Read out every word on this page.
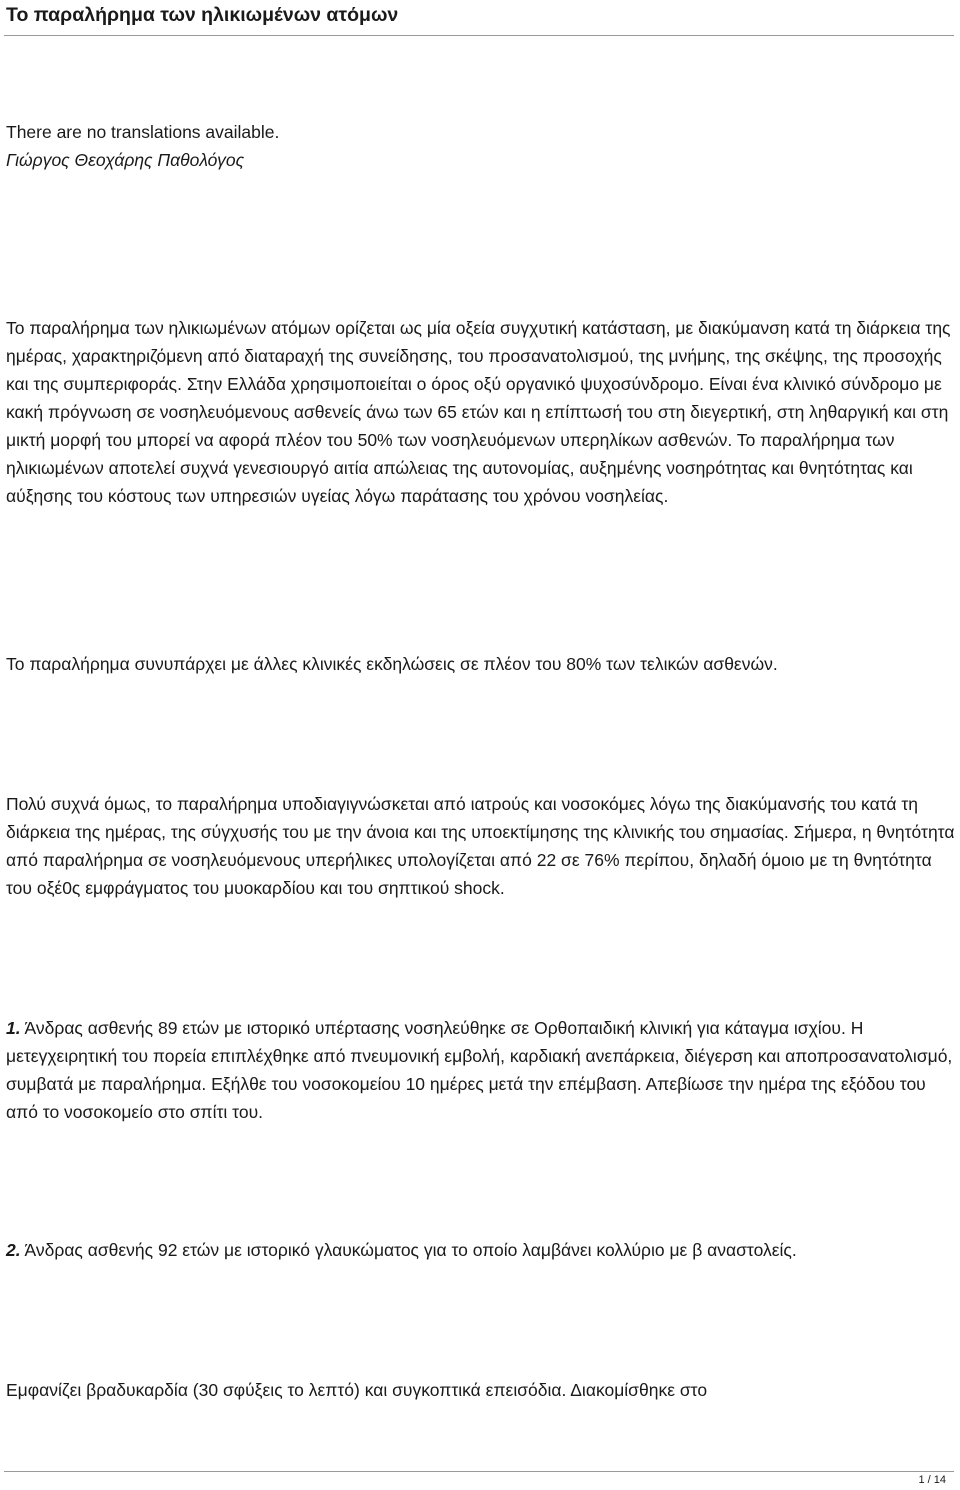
Το παραλήρημα των ηλικιωμένων ατόμων
There are no translations available.
Γιώργος Θεοχάρης Παθολόγος

Το παραλήρημα των ηλικιωμένων ατόμων ορίζεται ως μία οξεία συγχυτική κατάσταση, με διακύμανση κατά τη διάρκεια της ημέρας, χαρακτηριζόμενη από διαταραχή της συνείδησης, του προσανατολισμού, της μνήμης, της σκέψης, της προσοχής και της συμπεριφοράς. Στην Ελλάδα χρησιμοποιείται ο όρος οξύ οργανικό ψυχοσύνδρομο. Είναι ένα κλινικό σύνδρομο με κακή πρόγνωση σε νοσηλευόμενους ασθενείς άνω των 65 ετών και η επίπτωσή του στη διεγερτική, στη ληθαργική και στη μικτή μορφή του μπορεί να αφορά πλέον του 50% των νοσηλευόμενων υπερηλίκων ασθενών. Το παραλήρημα των ηλικιωμένων αποτελεί συχνά γενεσιουργό αιτία απώλειας της αυτονομίας, αυξημένης νοσηρότητας και θνητότητας και αύξησης του κόστους των υπηρεσιών υγείας λόγω παράτασης του χρόνου νοσηλείας.

Το παραλήρημα συνυπάρχει με άλλες κλινικές εκδηλώσεις σε πλέον του 80% των τελικών ασθενών.

Πολύ συχνά όμως, το παραλήρημα υποδιαγιγνώσκεται από ιατρούς και νοσοκόμες λόγω της διακύμανσής του κατά τη διάρκεια της ημέρας, της σύγχυσής του με την άνοια και της υποεκτίμησης της κλινικής του σημασίας. Σήμερα, η θνητότητα από παραλήρημα σε νοσηλευόμενους υπερήλικες υπολογίζεται από 22 σε 76% περίπου, δηλαδή όμοιο με τη θνητότητα του οξέ0ς εμφράγματος του μυοκαρδίου και του σηπτικού shock.

1. Άνδρας ασθενής 89 ετών με ιστορικό υπέρτασης νοσηλεύθηκε σε Ορθοπαιδική κλινική για κάταγμα ισχίου. Η μετεγχειρητική του πορεία επιπλέχθηκε από πνευμονική εμβολή, καρδιακή ανεπάρκεια, διέγερση και αποπροσανατολισμό, συμβατά με παραλήρημα. Εξήλθε του νοσοκομείου 10 ημέρες μετά την επέμβαση. Απεβίωσε την ημέρα της εξόδου του από το νοσοκομείο στο σπίτι του.

2. Άνδρας ασθενής 92 ετών με ιστορικό γλαυκώματος για το οποίο λαμβάνει κολλύριο με β αναστολείς.

Εμφανίζει βραδυκαρδία (30 σφύξεις το λεπτό) και συγκοπτικά επεισόδια. Διακομίσθηκε στο

1 / 14
